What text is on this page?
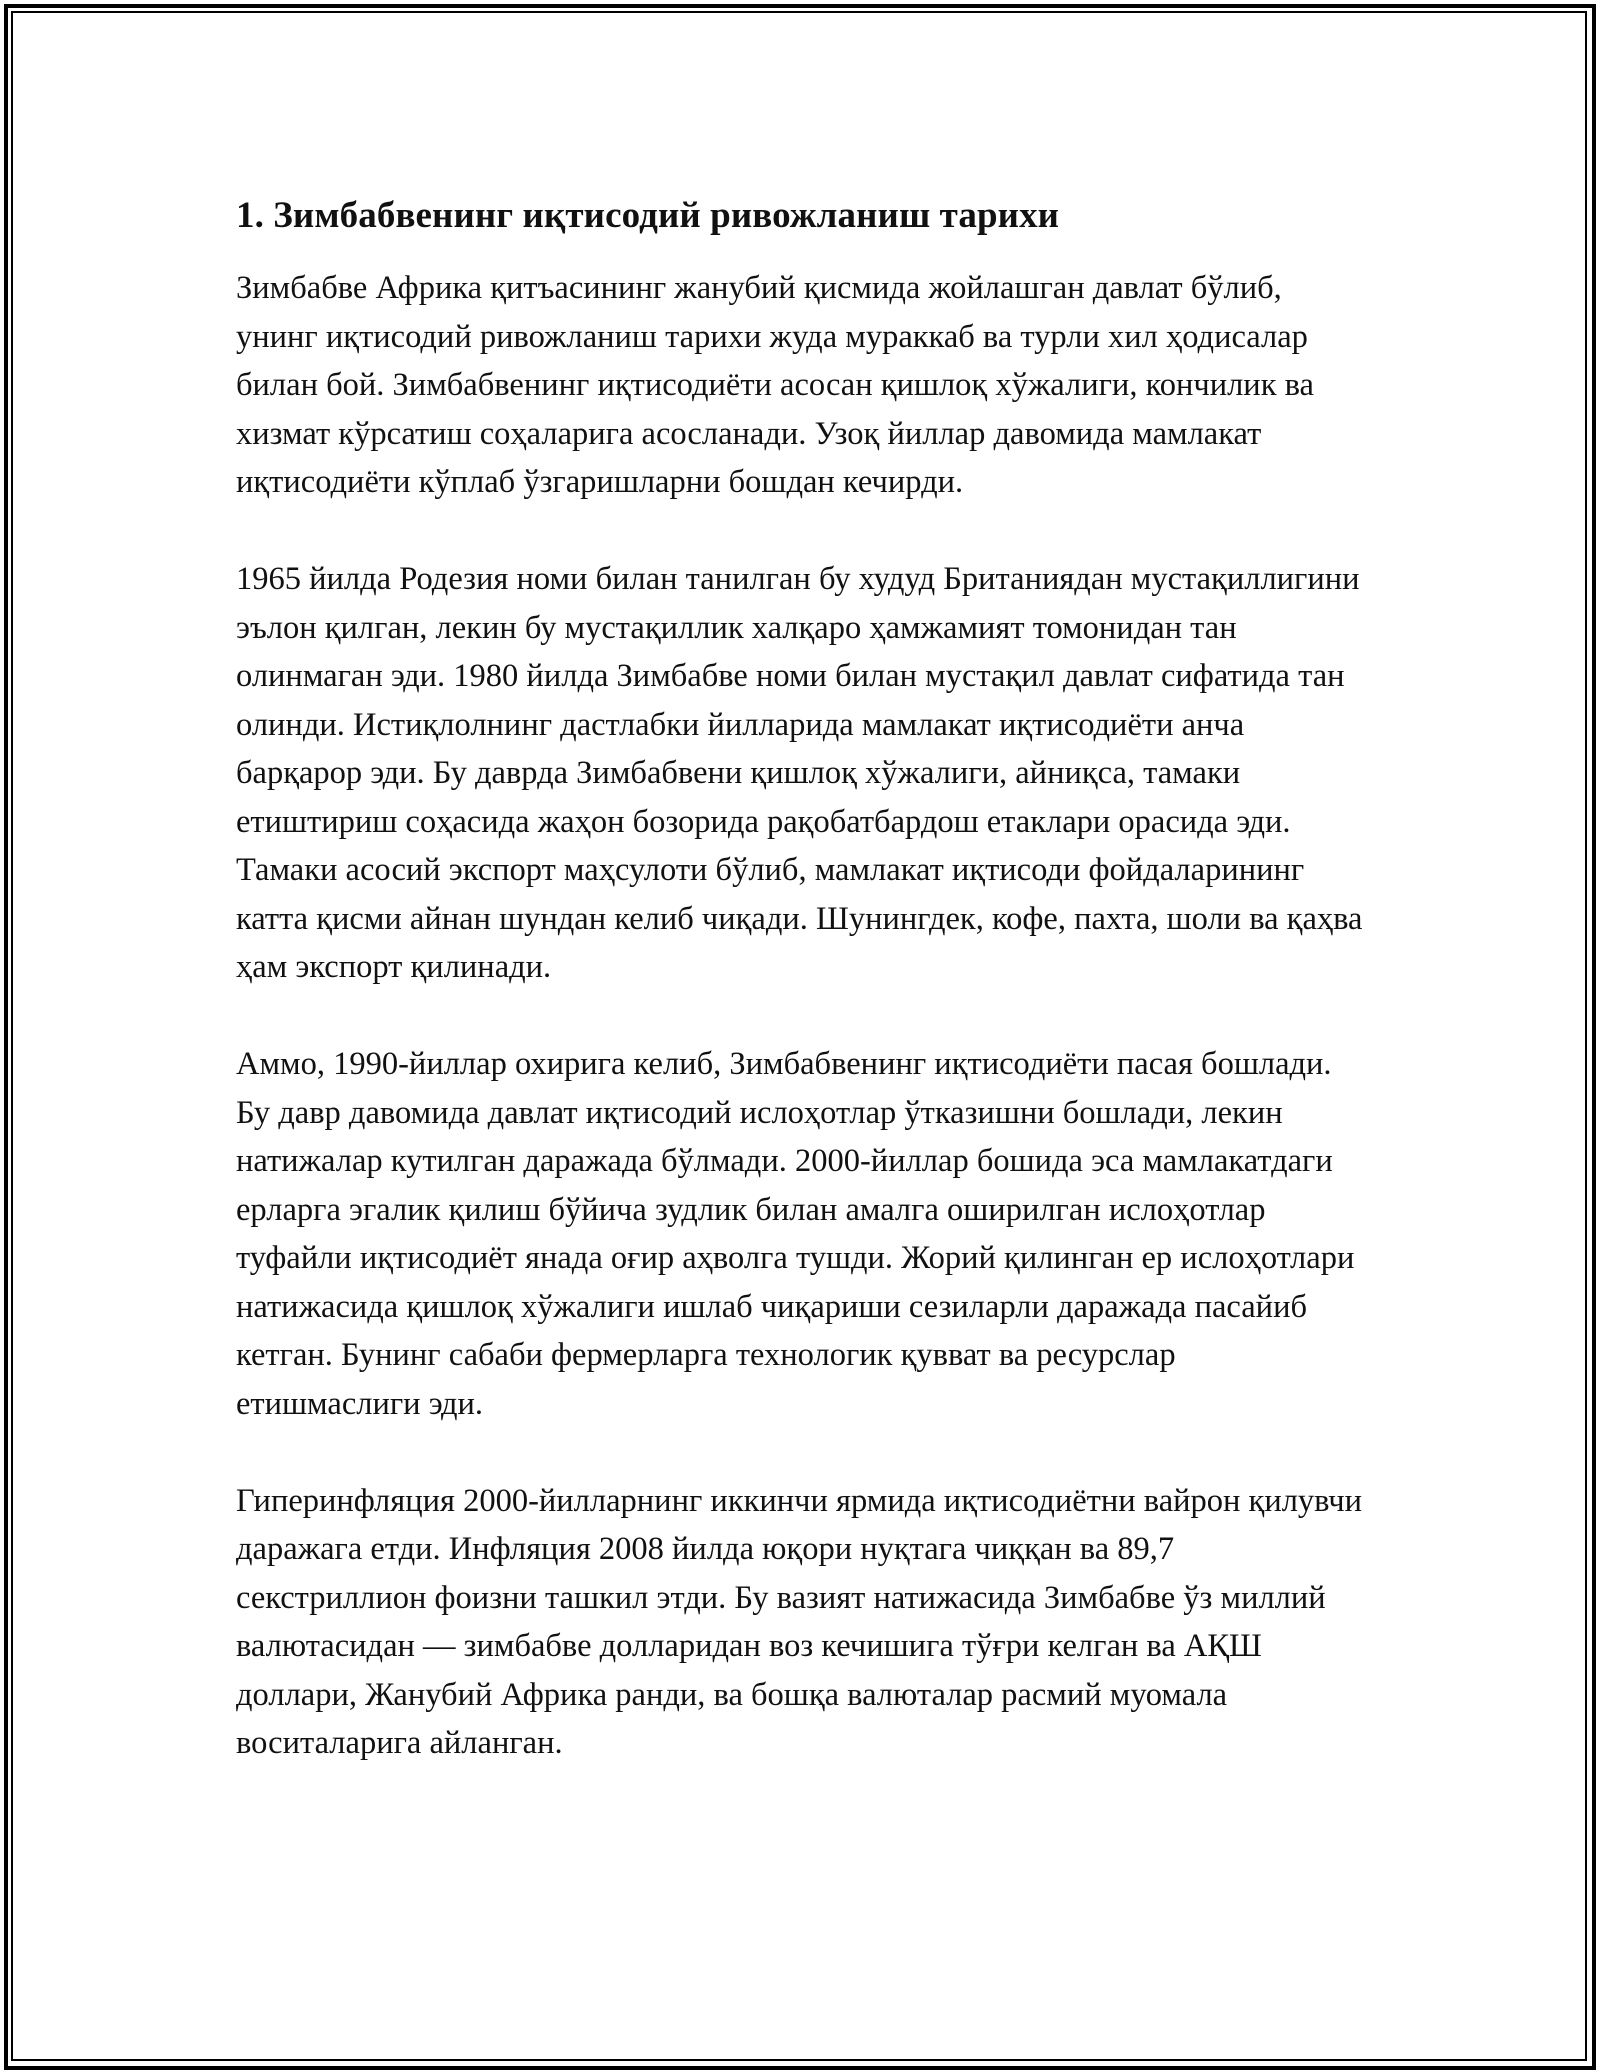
1. Зимбабвенинг иқтисодий ривожланиш тарихи

Зимбабве Африка қитъасининг жанубий қисмида жойлашган давлат бўлиб, унинг иқтисодий ривожланиш тарихи жуда мураккаб ва турли хил ҳодисалар билан бой. Зимбабвенинг иқтисодиёти асосан қишлоқ хўжалиги, кончилик ва хизмат кўрсатиш соҳаларига асосланади. Узоқ йиллар давомида мамлакат иқтисодиёти кўплаб ўзгаришларни бошдан кечирди.

1965 йилда Родезия номи билан танилган бу худуд Британиядан мустақиллигини эълон қилган, лекин бу мустақиллик халқаро ҳамжамият томонидан тан олинмаган эди. 1980 йилда Зимбабве номи билан мустақил давлат сифатида тан олинди. Истиқлолнинг дастлабки йилларида мамлакат иқтисодиёти анча барқарор эди. Бу даврда Зимбабвени қишлоқ хўжалиги, айниқса, тамаки етиштириш соҳасида жаҳон бозорида рақобатбардош етаклари орасида эди. Тамаки асосий экспорт маҳсулоти бўлиб, мамлакат иқтисоди фойдаларининг катта қисми айнан шундан келиб чиқади. Шунингдек, кофе, пахта, шоли ва қаҳва ҳам экспорт қилинади.

Аммо, 1990-йиллар охирига келиб, Зимбабвенинг иқтисодиёти пасая бошлади. Бу давр давомида давлат иқтисодий ислоҳотлар ўтказишни бошлади, лекин натижалар кутилган даражада бўлмади. 2000-йиллар бошида эса мамлакатдаги ерларга эгалик қилиш бўйича зудлик билан амалга оширилган ислоҳотлар туфайли иқтисодиёт янада оғир аҳволга тушди. Жорий қилинган ер ислоҳотлари натижасида қишлоқ хўжалиги ишлаб чиқариши сезиларли даражада пасайиб кетган. Бунинг сабаби фермерларга технологик қувват ва ресурслар етишмаслиги эди.

Гиперинфляция 2000-йилларнинг иккинчи ярмида иқтисодиётни вайрон қилувчи даражага етди. Инфляция 2008 йилда юқори нуқтага чиққан ва 89,7 секстриллион фоизни ташкил этди. Бу вазият натижасида Зимбабве ўз миллий валютасидан — зимбабве долларидан воз кечишига тўғри келган ва АҚШ доллари, Жанубий Африка ранди, ва бошқа валюталар расмий муомала воситаларига айланган.
